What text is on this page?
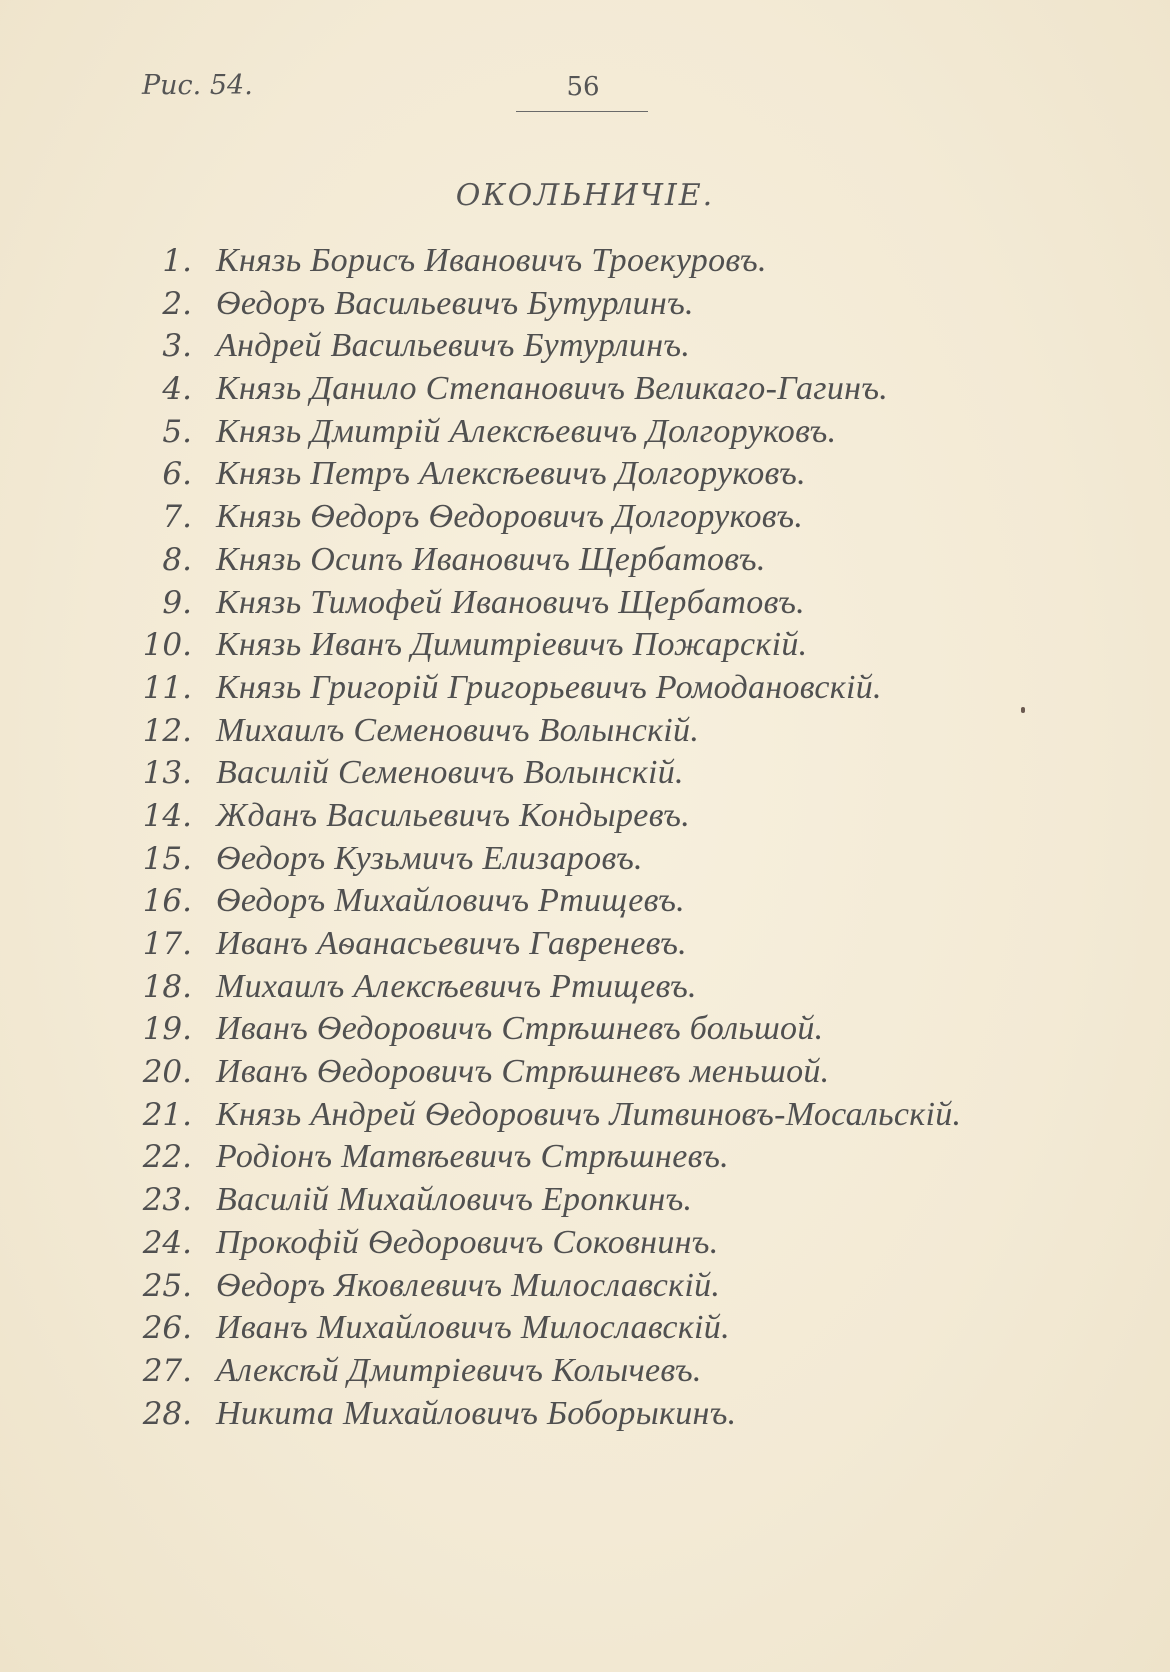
Рис. 54.	56
ОКОЛЬНИЧІЕ.
1. Князь Борисъ Ивановичъ Троекуровъ.
2. Ѳедоръ Васильевичъ Бутурлинъ.
3. Андрей Васильевичъ Бутурлинъ.
4. Князь Данило Степановичъ Великаго-Гагинъ.
5. Князь Дмитрій Алексѣевичъ Долгоруковъ.
6. Князь Петръ Алексѣевичъ Долгоруковъ.
7. Князь Ѳедоръ Ѳедоровичъ Долгоруковъ.
8. Князь Осипъ Ивановичъ Щербатовъ.
9. Князь Тимофей Ивановичъ Щербатовъ.
10. Князь Иванъ Димитріевичъ Пожарскій.
11. Князь Григорій Григорьевичъ Ромодановскій.
12. Михаилъ Семеновичъ Волынскій.
13. Василій Семеновичъ Волынскій.
14. Жданъ Васильевичъ Кондыревъ.
15. Ѳедоръ Кузьмичъ Елизаровъ.
16. Ѳедоръ Михайловичъ Ртищевъ.
17. Иванъ Аѳанасьевичъ Гавреневъ.
18. Михаилъ Алексѣевичъ Ртищевъ.
19. Иванъ Ѳедоровичъ Стрѣшневъ большой.
20. Иванъ Ѳедоровичъ Стрѣшневъ меньшой.
21. Князь Андрей Ѳедоровичъ Литвиновъ-Мосальскій.
22. Родіонъ Матвѣевичъ Стрѣшневъ.
23. Василій Михайловичъ Еропкинъ.
24. Прокофій Ѳедоровичъ Соковнинъ.
25. Ѳедоръ Яковлевичъ Милославскій.
26. Иванъ Михайловичъ Милославскій.
27. Алексѣй Дмитріевичъ Колычевъ.
28. Никита Михайловичъ Боборыкинъ.
